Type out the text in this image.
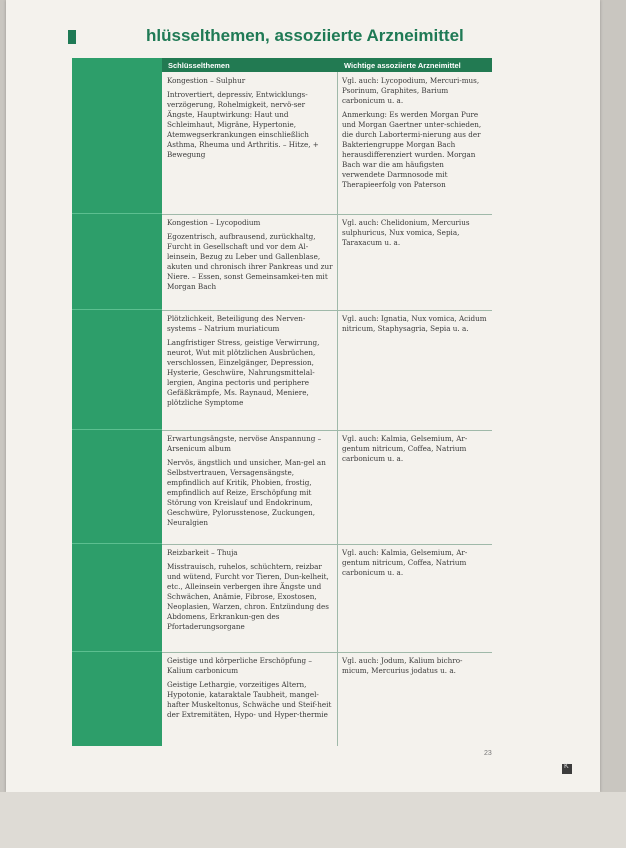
hlüsselthemen, assoziierte Arzneimittel
Schlüsselthemen	Wichtige assoziierte Arzneimittel

Kongestion – Sulphur

Introvertiert, depressiv, Entwicklungs-verzögerung, Rohelmigkeit, nervö-ser Ängste, Hauptwirkung: Haut und Schleimhaut, Migräne, Hypertonie, Atemwegserkrankungen einschließlich Asthma, Rheuma und Arthritis. – Hitze, + Bewegung

Vgl. auch: Lycopodium, Mercuri-mus, Psorinum, Graphites, Barium carbonicum u. a.

Anmerkung: Es werden Morgan Pure und Morgan Gaertner unter-schieden, die durch Labortermi-nierung aus der Bakteriengruppe Morgan Bach herausdifferenziert wurden. Morgan Bach war die am häufigsten verwendete Darmnosode mit Therapieerfolg von Paterson

Kongestion – Lycopodium

Egozentrisch, aufbrausend, zurückhaltg, Furcht in Gesellschaft und vor dem Al-leinsein, Bezug zu Leber und Gallenblase, akuten und chronisch ihrer Pankreas und zur Niere. – Essen, sonst Gemeinsamkei-ten mit Morgan Bach

Vgl. auch: Chelidonium, Mercurius sulphuricus, Nux vomica, Sepia, Taraxacum u. a.

Plötzlichkeit, Beteiligung des Nerven-systems – Natrium muriaticum

Langfristiger Stress, geistige Verwirrung, neurot, Wut mit plötzlichen Ausbrüchen, verschlossen, Einzelgänger, Depression, Hysterie, Geschwüre, Nahrungsmittelal-lergien, Angina pectoris und periphere Gefäßkrämpfe, Ms. Raynaud, Meniere, plötzliche Symptome

Vgl. auch: Ignatia, Nux vomica, Acidum nitricum, Staphysagria, Sepia u. a.

Erwartungsängste, nervöse Anspannung – Arsenicum album

Nervös, ängstlich und unsicher, Man-gel an Selbstvertrauen, Versagensängste, empfindlich auf Kritik, Phobien, frostig, empfindlich auf Reize, Erschöpfung mit Störung von Kreislauf und Endokrinum, Geschwüre, Pylorusstenose, Zuckungen, Neuralgien

Vgl. auch: Kalmia, Gelsemium, Ar-gentum nitricum, Coffea, Natrium carbonicum u. a.

Reizbarkeit – Thuja

Misstrauisch, ruhelos, schüchtern, reizbar und wütend, Furcht vor Tieren, Dun-kelheit, etc., Alleinsein verbergen ihre Ängste und Schwächen, Anämie, Fibrose, Exostosen, Neoplasien, Warzen, chron. Entzündung des Abdomens, Erkrankun-gen des Pfortaderungsorgane

Vgl. auch: Kalmia, Gelsemium, Ar-gentum nitricum, Coffea, Natrium carbonicum u. a.

Geistige und körperliche Erschöpfung – Kalium carbonicum

Geistige Lethargie, vorzeitiges Altern, Hypotonie, kataraktale Taubheit, mangel-hafter Muskeltonus, Schwäche und Steif-heit der Extremitäten, Hypo- und Hyper-thermie

Vgl. auch: Jodum, Kalium bichro-micum, Mercurius jodatus u. a.

23
K
